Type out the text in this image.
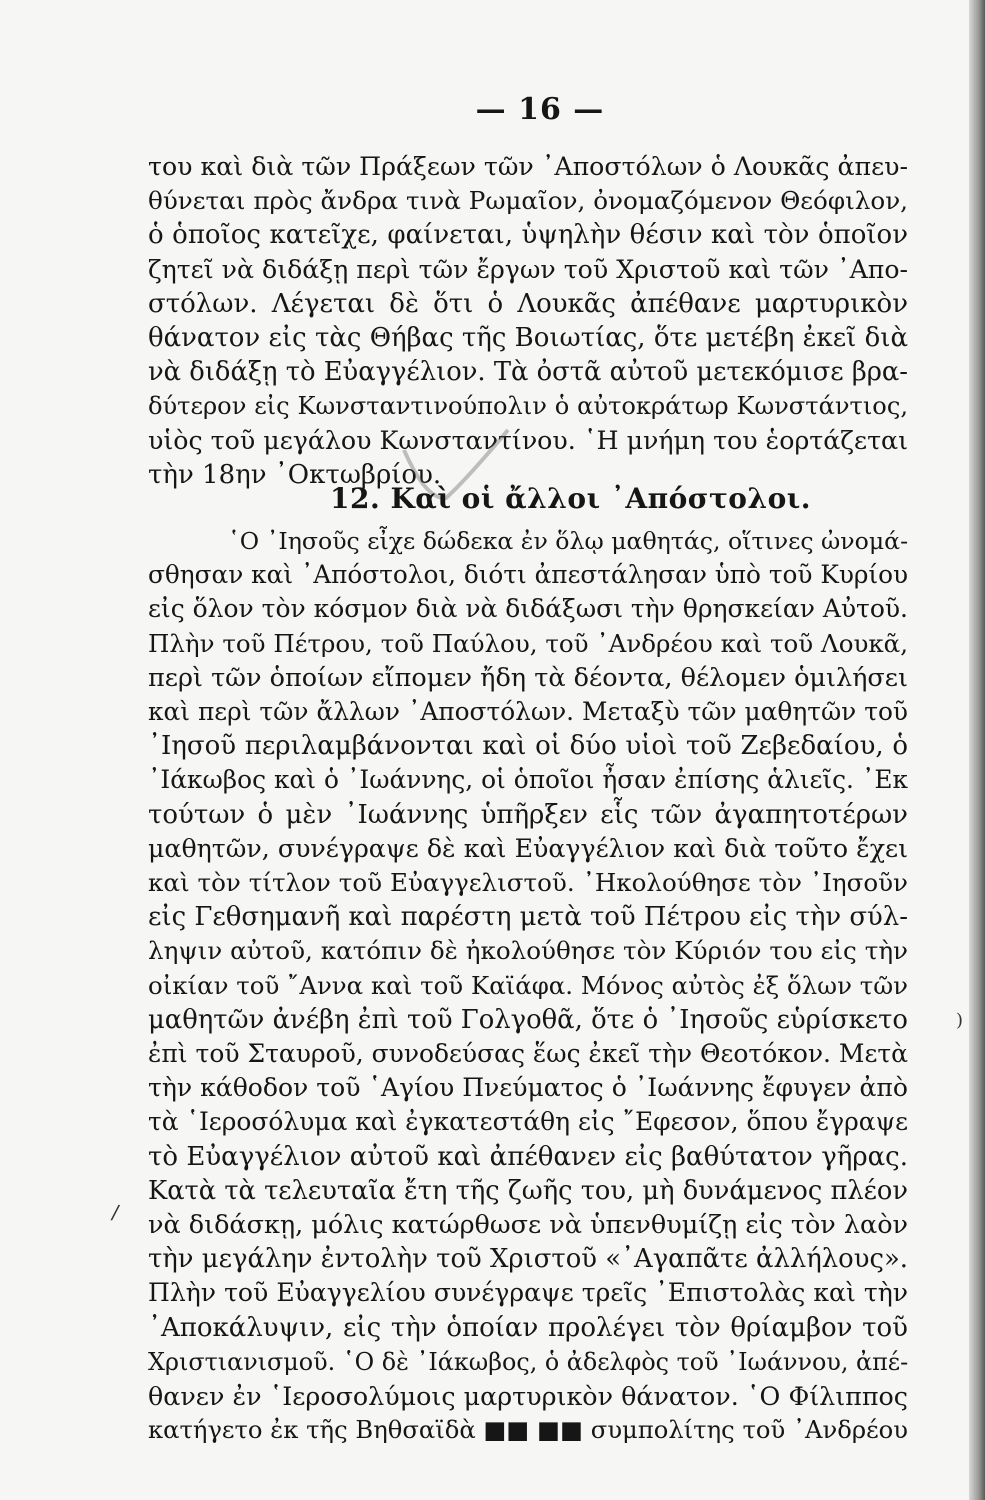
— 16 —
του καὶ διὰ τῶν Πράξεων τῶν ᾿Αποστόλων ὁ Λουκᾶς ἀπευ-
θύνεται πρὸς ἄνδρα τινὰ Ρωμαῖον, ὀνομαζόμενον Θεόφιλον,
ὁ ὁποῖος κατεῖχε, φαίνεται, ὑψηλὴν θέσιν καὶ τὸν ὁποῖον
ζητεῖ νὰ διδάξῃ περὶ τῶν ἔργων τοῦ Χριστοῦ καὶ τῶν ᾿Απο-
στόλων. Λέγεται δὲ ὅτι ὁ Λουκᾶς ἀπέθανε μαρτυρικὸν
θάνατον εἰς τὰς Θήβας τῆς Βοιωτίας, ὅτε μετέβη ἐκεῖ διὰ
νὰ διδάξῃ τὸ Εὐαγγέλιον. Τὰ ὀστᾶ αὐτοῦ μετεκόμισε βρα-
δύτερον εἰς Κωνσταντινούπολιν ὁ αὐτοκράτωρ Κωνστάντιος,
υἱὸς τοῦ μεγάλου Κωνσταντίνου. ῾Η μνήμη του ἑορτάζεται
τὴν 18ην ᾿Οκτωβρίου.
12. Καὶ οἱ ἄλλοι ᾿Απόστολοι.
῾Ο ᾿Ιησοῦς εἶχε δώδεκα ἐν ὅλῳ μαθητάς, οἵτινες ὠνομά-
σθησαν καὶ ᾿Απόστολοι, διότι ἀπεστάλησαν ὑπὸ τοῦ Κυρίου
εἰς ὅλον τὸν κόσμον διὰ νὰ διδάξωσι τὴν θρησκείαν Αὐτοῦ.
Πλὴν τοῦ Πέτρου, τοῦ Παύλου, τοῦ ᾿Ανδρέου καὶ τοῦ Λουκᾶ,
περὶ τῶν ὁποίων εἴπομεν ἤδη τὰ δέοντα, θέλομεν ὁμιλήσει
καὶ περὶ τῶν ἄλλων ᾿Αποστόλων. Μεταξὺ τῶν μαθητῶν τοῦ
᾿Ιησοῦ περιλαμβάνονται καὶ οἱ δύο υἱοὶ τοῦ Ζεβεδαίου, ὁ
᾿Ιάκωβος καὶ ὁ ᾿Ιωάννης, οἱ ὁποῖοι ἦσαν ἐπίσης ἁλιεῖς. ᾿Εκ
τούτων ὁ μὲν ᾿Ιωάννης ὑπῆρξεν εἷς τῶν ἀγαπητοτέρων
μαθητῶν, συνέγραψε δὲ καὶ Εὐαγγέλιον καὶ διὰ τοῦτο ἔχει
καὶ τὸν τίτλον τοῦ Εὐαγγελιστοῦ. ᾿Ηκολούθησε τὸν ᾿Ιησοῦν
εἰς Γεθσημανῆ καὶ παρέστη μετὰ τοῦ Πέτρου εἰς τὴν σύλ-
ληψιν αὐτοῦ, κατόπιν δὲ ἠκολούθησε τὸν Κύριόν του εἰς τὴν
οἰκίαν τοῦ ῎Αννα καὶ τοῦ Καϊάφα. Μόνος αὐτὸς ἐξ ὅλων τῶν
μαθητῶν ἀνέβη ἐπὶ τοῦ Γολγοθᾶ, ὅτε ὁ ᾿Ιησοῦς εὑρίσκετο
ἐπὶ τοῦ Σταυροῦ, συνοδεύσας ἕως ἐκεῖ τὴν Θεοτόκον. Μετὰ
τὴν κάθοδον τοῦ ῾Αγίου Πνεύματος ὁ ᾿Ιωάννης ἔφυγεν ἀπὸ
τὰ ῾Ιεροσόλυμα καὶ ἐγκατεστάθη εἰς ῎Εφεσον, ὅπου ἔγραψε
τὸ Εὐαγγέλιον αὐτοῦ καὶ ἀπέθανεν εἰς βαθύτατον γῆρας.
Κατὰ τὰ τελευταῖα ἔτη τῆς ζωῆς του, μὴ δυνάμενος πλέον
νὰ διδάσκῃ, μόλις κατώρθωσε νὰ ὑπενθυμίζῃ εἰς τὸν λαὸν
τὴν μεγάλην ἐντολὴν τοῦ Χριστοῦ «᾿Αγαπᾶτε ἀλλήλους».
Πλὴν τοῦ Εὐαγγελίου συνέγραψε τρεῖς ᾿Επιστολὰς καὶ τὴν
᾿Αποκάλυψιν, εἰς τὴν ὁποίαν προλέγει τὸν θρίαμβον τοῦ
Χριστιανισμοῦ. ῾Ο δὲ ᾿Ιάκωβος, ὁ ἀδελφὸς τοῦ ᾿Ιωάννου, ἀπέ-
θανεν ἐν ῾Ιεροσολύμοις μαρτυρικὸν θάνατον. ῾Ο Φίλιππος
κατήγετο ἐκ τῆς Βηθσαϊδὰ ■■ ■■ συμπολίτης τοῦ ᾿Ανδρέου
)
/
